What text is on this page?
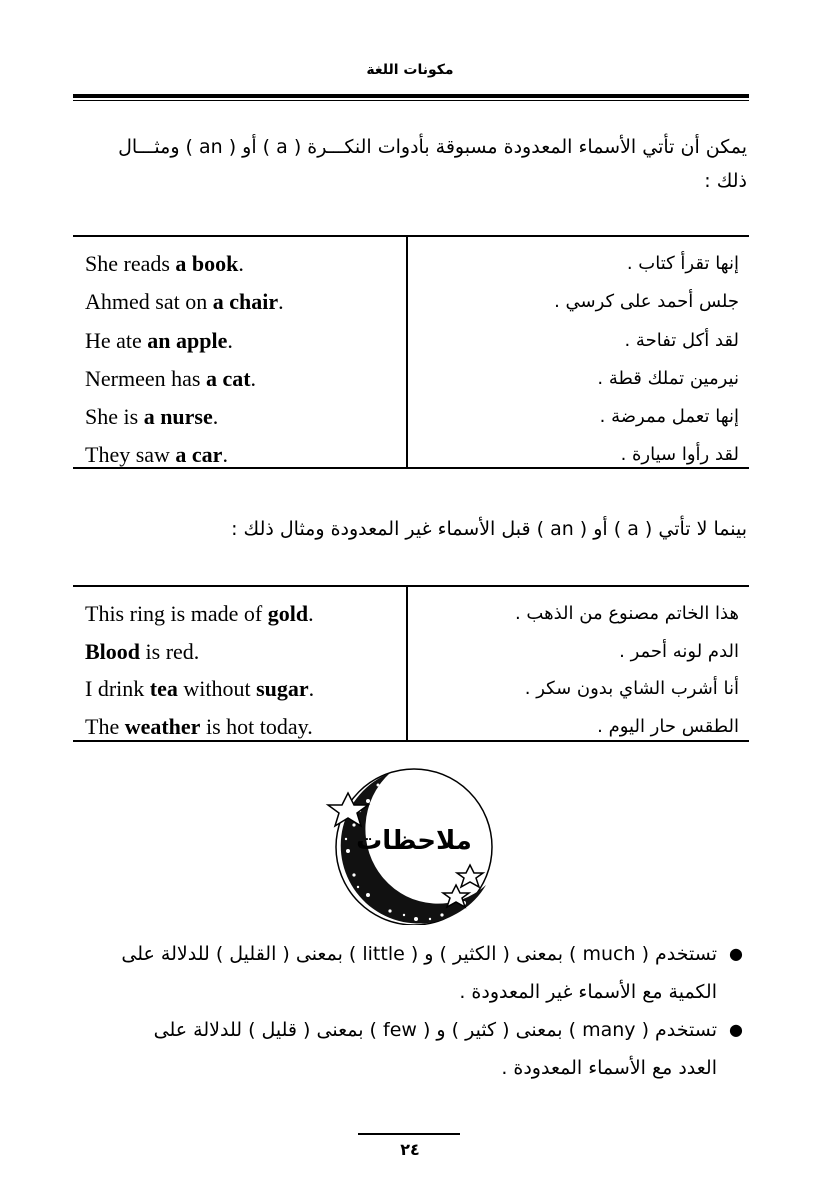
مكونات اللغة
يمكن أن تأتي الأسماء المعدودة مسبوقة بأدوات النكـــرة ( a ) أو ( an ) ومثـــال
ذلك :
She reads a book.
Ahmed sat on a chair.
He ate an apple.
Nermeen has a cat.
She is a nurse.
They saw a car.
إنها تقرأ كتاب .
جلس أحمد على كرسي .
لقد أكل تفاحة .
نيرمين تملك قطة .
إنها تعمل ممرضة .
لقد رأوا سيارة .
بينما لا تأتي ( a ) أو ( an ) قبل الأسماء غير المعدودة ومثال ذلك :
This ring is made of gold.
Blood is red.
I drink tea without sugar.
The weather is hot today.
هذا الخاتم مصنوع من الذهب .
الدم لونه أحمر .
أنا أشرب الشاي بدون سكر .
الطقس حار اليوم .
ملاحظات
●
تستخدم ( much ) بمعنى ( الكثير ) و ( little ) بمعنى ( القليل ) للدلالة على
الكمية مع الأسماء غير المعدودة .
●
تستخدم ( many ) بمعنى ( كثير ) و ( few ) بمعنى ( قليل ) للدلالة على
العدد مع الأسماء المعدودة .
٢٤
